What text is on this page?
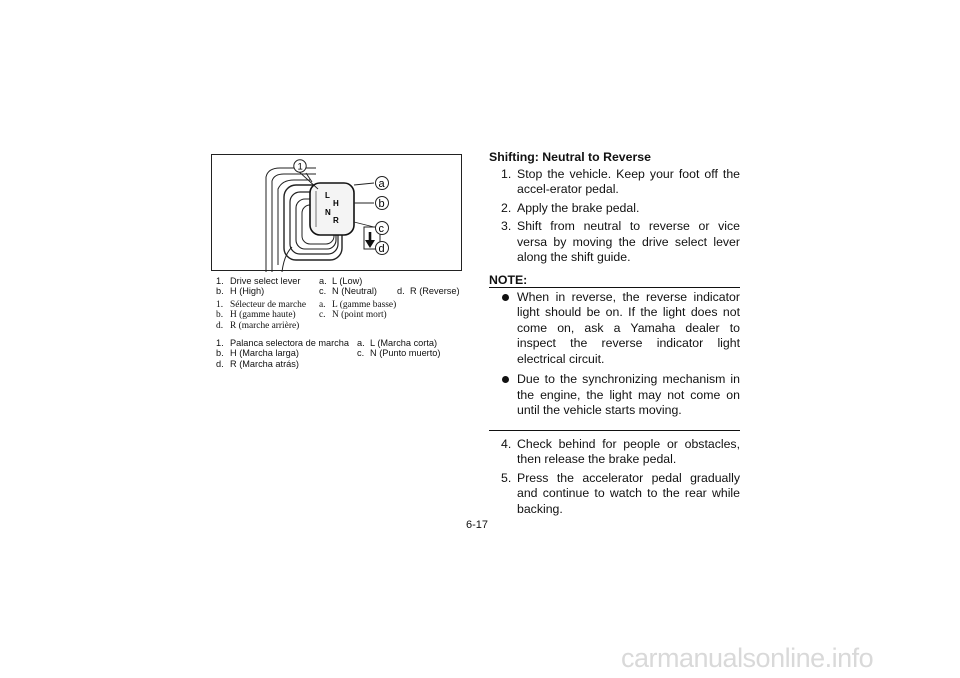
L
H
N
R
1
a
b
c
d
1. Drive select lever a. L (Low)
b. H (High)	c. N (Neutral) d. R (Reverse)
1. Sélecteur de marche a. L (gamme basse)
b. H (gamme haute) c. N (point mort)
d. R (marche arrière)
1. Palanca selectora de marcha a. L (Marcha corta)
b. H (Marcha larga)	c. N (Punto muerto)
d. R (Marcha atrás)
Shifting: Neutral to Reverse
1. Stop the vehicle. Keep your foot off the accel-erator pedal.
2. Apply the brake pedal.
3. Shift from neutral to reverse or vice versa by moving the drive select lever along the shift guide.
NOTE:
When in reverse, the reverse indicator light should be on. If the light does not come on, ask a Yamaha dealer to inspect the reverse indicator light electrical circuit.
Due to the synchronizing mechanism in the engine, the light may not come on until the vehicle starts moving.
4. Check behind for people or obstacles, then release the brake pedal.
5. Press the accelerator pedal gradually and continue to watch to the rear while backing.
6-17
carmanualsonline.info
